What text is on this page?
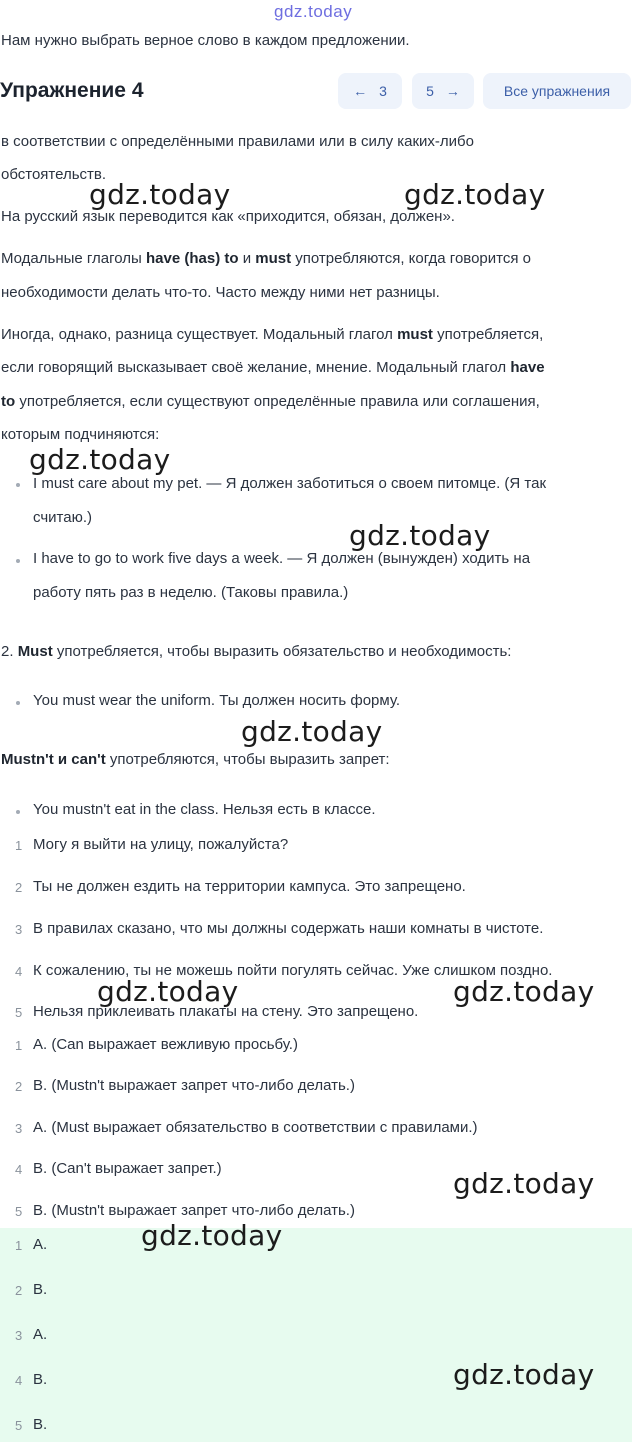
gdz.today
Нам нужно выбрать верное слово в каждом предложении.
Упражнение 4	← 3	5 →	Все упражнения
в соответствии с определёнными правилами или в силу каких-либо
обстоятельств.
На русский язык переводится как «приходится, обязан, должен».
Модальные глаголы have (has) to и must употребляются, когда говорится о
необходимости делать что-то. Часто между ними нет разницы.
Иногда, однако, разница существует. Модальный глагол must употребляется,
если говорящий высказывает своё желание, мнение. Модальный глагол have
to употребляется, если существуют определённые правила или соглашения,
которым подчиняются:
I must care about my pet. — Я должен заботиться о своем питомце. (Я так
считаю.)
I have to go to work five days a week. — Я должен (вынужден) ходить на
работу пять раз в неделю. (Таковы правила.)
2. Must употребляется, чтобы выразить обязательство и необходимость:
You must wear the uniform. Ты должен носить форму.
Mustn't и can't употребляются, чтобы выразить запрет:
You mustn't eat in the class. Нельзя есть в классе.
1 Могу я выйти на улицу, пожалуйста?
2 Ты не должен ездить на территории кампуса. Это запрещено.
3 В правилах сказано, что мы должны содержать наши комнаты в чистоте.
4 К сожалению, ты не можешь пойти погулять сейчас. Уже слишком поздно.
5 Нельзя приклеивать плакаты на стену. Это запрещено.
1 A. (Can выражает вежливую просьбу.)
2 B. (Mustn't выражает запрет что-либо делать.)
3 A. (Must выражает обязательство в соответствии с правилами.)
4 B. (Can't выражает запрет.)
5 B. (Mustn't выражает запрет что-либо делать.)
1 A.
2 B.
3 A.
4 B.
5 B.
gdz.today	gdz.today
gdz.today
gdz.today
gdz.today
gdz.today	gdz.today
gdz.today
gdz.today
gdz.today
